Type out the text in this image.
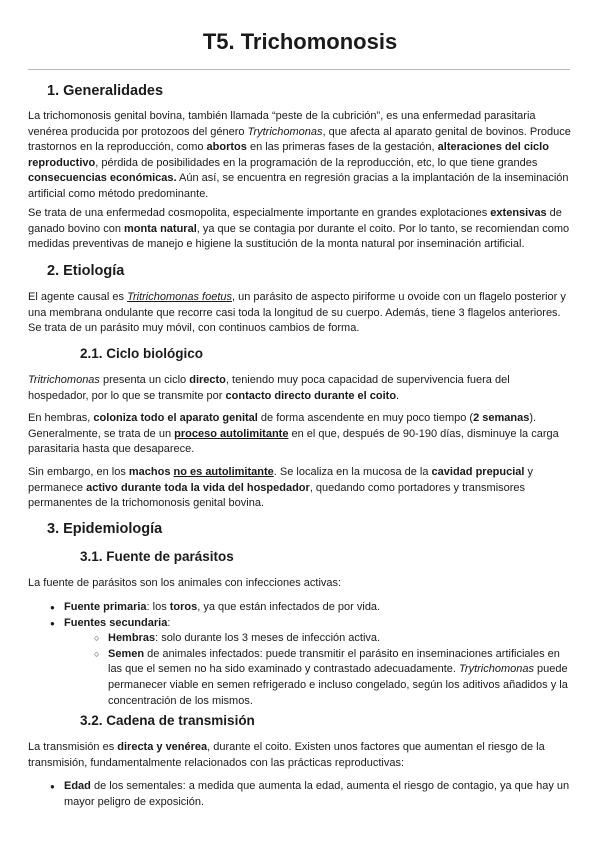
T5. Trichomonosis
1. Generalidades

La trichomonosis genital bovina, también llamada “peste de la cubrición”, es una enfermedad parasitaria venérea producida por protozoos del género Trytrichomonas, que afecta al aparato genital de bovinos. Produce trastornos en la reproducción, como abortos en las primeras fases de la gestación, alteraciones del ciclo reproductivo, pérdida de posibilidades en la programación de la reproducción, etc, lo que tiene grandes consecuencias económicas. Aún así, se encuentra en regresión gracias a la implantación de la inseminación artificial como método predominante.

Se trata de una enfermedad cosmopolita, especialmente importante en grandes explotaciones extensivas de ganado bovino con monta natural, ya que se contagia por durante el coito. Por lo tanto, se recomiendan como medidas preventivas de manejo e higiene la sustitución de la monta natural por inseminación artificial.

2. Etiología

El agente causal es Tritrichomonas foetus, un parásito de aspecto piriforme u ovoide con un flagelo posterior y una membrana ondulante que recorre casi toda la longitud de su cuerpo. Además, tiene 3 flagelos anteriores. Se trata de un parásito muy móvil, con continuos cambios de forma.

2.1. Ciclo biológico

Tritrichomonas presenta un ciclo directo, teniendo muy poca capacidad de supervivencia fuera del hospedador, por lo que se transmite por contacto directo durante el coito.

En hembras, coloniza todo el aparato genital de forma ascendente en muy poco tiempo (2 semanas). Generalmente, se trata de un proceso autolimitante en el que, después de 90-190 días, disminuye la carga parasitaria hasta que desaparece.

Sin embargo, en los machos no es autolimitante. Se localiza en la mucosa de la cavidad prepucial y permanece activo durante toda la vida del hospedador, quedando como portadores y transmisores permanentes de la trichomonosis genital bovina.

3. Epidemiología
3.1. Fuente de parásitos

La fuente de parásitos son los animales con infecciones activas:

● Fuente primaria: los toros, ya que están infectados de por vida.
● Fuentes secundaria:
○ Hembras: solo durante los 3 meses de infección activa.
○ Semen de animales infectados: puede transmitir el parásito en inseminaciones artificiales en las que el semen no ha sido examinado y contrastado adecuadamente. Trytrichomonas puede permanecer viable en semen refrigerado e incluso congelado, según los aditivos añadidos y la concentración de los mismos.
3.2. Cadena de transmisión

La transmisión es directa y venérea, durante el coito. Existen unos factores que aumentan el riesgo de la transmisión, fundamentalmente relacionados con las prácticas reproductivas:

● Edad de los sementales: a medida que aumenta la edad, aumenta el riesgo de contagio, ya que hay un mayor peligro de exposición.
